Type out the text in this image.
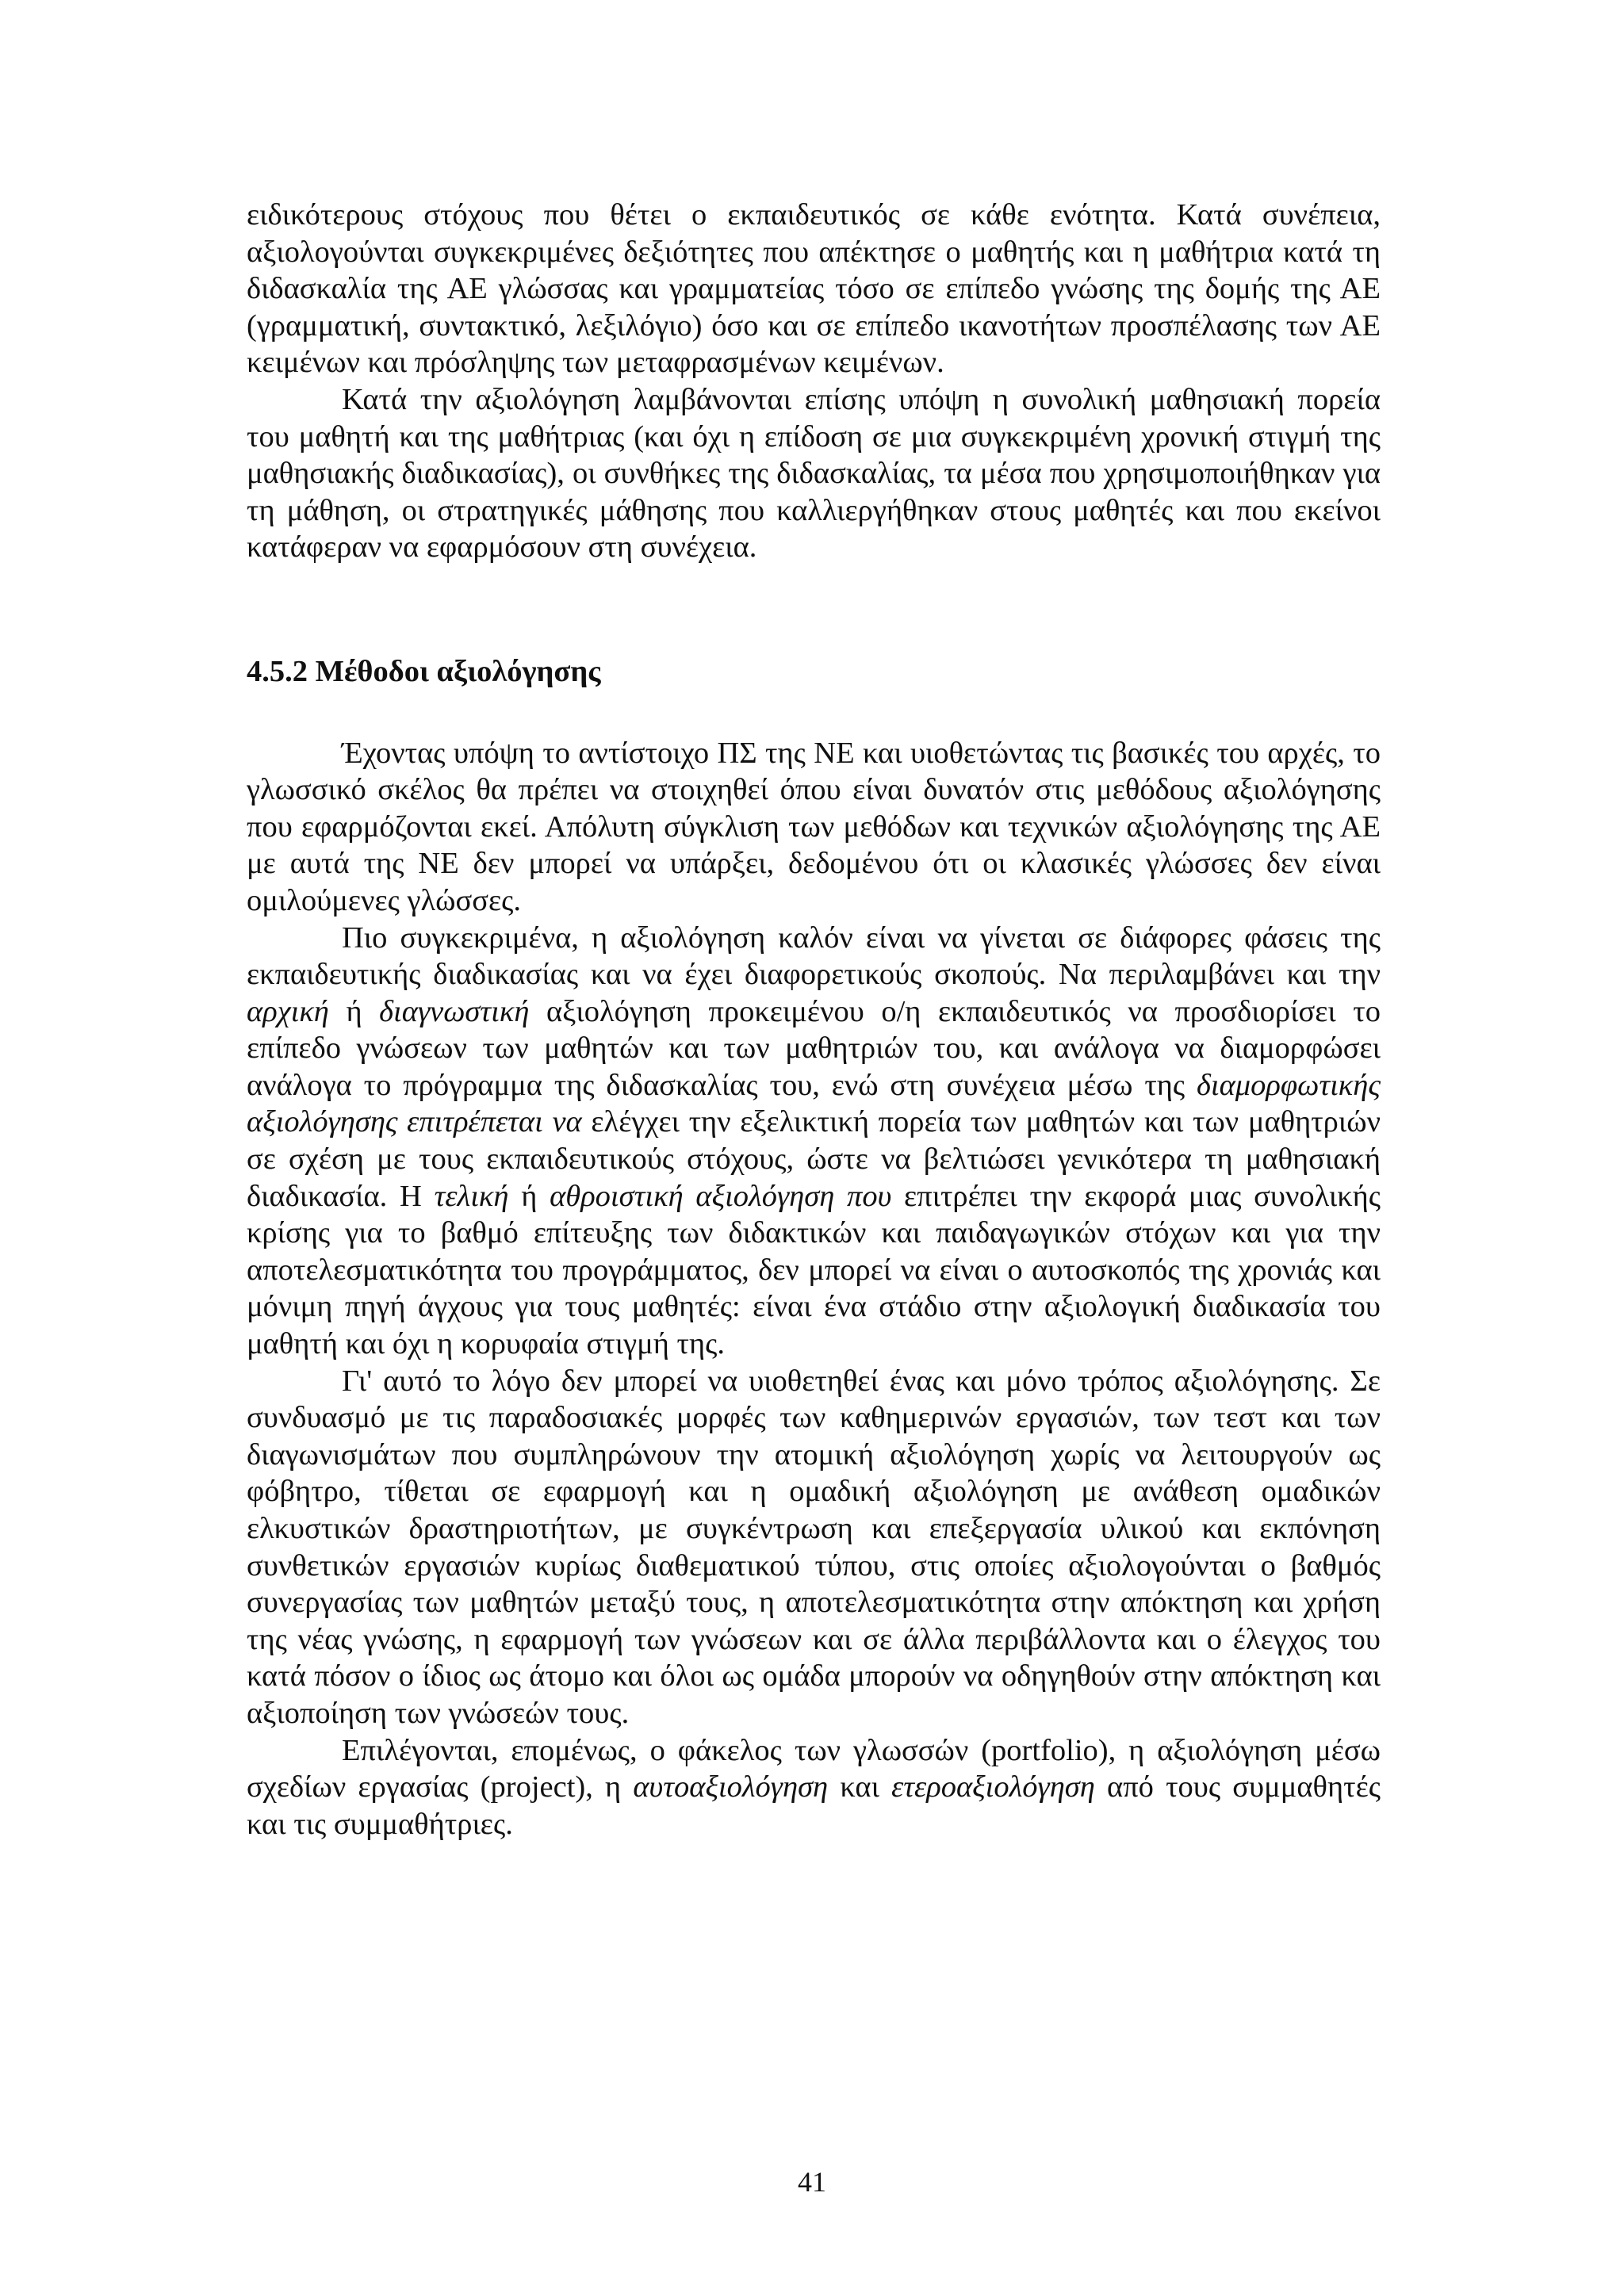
ειδικότερους στόχους που θέτει ο εκπαιδευτικός σε κάθε ενότητα. Κατά συνέπεια, αξιολογούνται συγκεκριμένες δεξιότητες που απέκτησε ο μαθητής και η μαθήτρια κατά τη διδασκαλία της ΑΕ γλώσσας και γραμματείας τόσο σε επίπεδο γνώσης της δομής της ΑΕ (γραμματική, συντακτικό, λεξιλόγιο) όσο και σε επίπεδο ικανοτήτων προσπέλασης των ΑΕ κειμένων και πρόσληψης των μεταφρασμένων κειμένων.

Κατά την αξιολόγηση λαμβάνονται επίσης υπόψη η συνολική μαθησιακή πορεία του μαθητή και της μαθήτριας (και όχι η επίδοση σε μια συγκεκριμένη χρονική στιγμή της μαθησιακής διαδικασίας), οι συνθήκες της διδασκαλίας, τα μέσα που χρησιμοποιήθηκαν για τη μάθηση, οι στρατηγικές μάθησης που καλλιεργήθηκαν στους μαθητές και που εκείνοι κατάφεραν να εφαρμόσουν στη συνέχεια.

4.5.2 Μέθοδοι αξιολόγησης

Έχοντας υπόψη το αντίστοιχο ΠΣ της ΝΕ και υιοθετώντας τις βασικές του αρχές, το γλωσσικό σκέλος θα πρέπει να στοιχηθεί όπου είναι δυνατόν στις μεθόδους αξιολόγησης που εφαρμόζονται εκεί. Απόλυτη σύγκλιση των μεθόδων και τεχνικών αξιολόγησης της ΑΕ με αυτά της ΝΕ δεν μπορεί να υπάρξει, δεδομένου ότι οι κλασικές γλώσσες δεν είναι ομιλούμενες γλώσσες.

Πιο συγκεκριμένα, η αξιολόγηση καλόν είναι να γίνεται σε διάφορες φάσεις της εκπαιδευτικής διαδικασίας και να έχει διαφορετικούς σκοπούς. Να περιλαμβάνει και την αρχική ή διαγνωστική αξιολόγηση προκειμένου ο/η εκπαιδευτικός να προσδιορίσει το επίπεδο γνώσεων των μαθητών και των μαθητριών του, και ανάλογα να διαμορφώσει ανάλογα το πρόγραμμα της διδασκαλίας του, ενώ στη συνέχεια μέσω της διαμορφωτικής αξιολόγησης επιτρέπεται να ελέγχει την εξελικτική πορεία των μαθητών και των μαθητριών σε σχέση με τους εκπαιδευτικούς στόχους, ώστε να βελτιώσει γενικότερα τη μαθησιακή διαδικασία. Η τελική ή αθροιστική αξιολόγηση που επιτρέπει την εκφορά μιας συνολικής κρίσης για το βαθμό επίτευξης των διδακτικών και παιδαγωγικών στόχων και για την αποτελεσματικότητα του προγράμματος, δεν μπορεί να είναι ο αυτοσκοπός της χρονιάς και μόνιμη πηγή άγχους για τους μαθητές: είναι ένα στάδιο στην αξιολογική διαδικασία του μαθητή και όχι η κορυφαία στιγμή της.

Γι' αυτό το λόγο δεν μπορεί να υιοθετηθεί ένας και μόνο τρόπος αξιολόγησης. Σε συνδυασμό με τις παραδοσιακές μορφές των καθημερινών εργασιών, των τεστ και των διαγωνισμάτων που συμπληρώνουν την ατομική αξιολόγηση χωρίς να λειτουργούν ως φόβητρο, τίθεται σε εφαρμογή και η ομαδική αξιολόγηση με ανάθεση ομαδικών ελκυστικών δραστηριοτήτων, με συγκέντρωση και επεξεργασία υλικού και εκπόνηση συνθετικών εργασιών κυρίως διαθεματικού τύπου, στις οποίες αξιολογούνται ο βαθμός συνεργασίας των μαθητών μεταξύ τους, η αποτελεσματικότητα στην απόκτηση και χρήση της νέας γνώσης, η εφαρμογή των γνώσεων και σε άλλα περιβάλλοντα και ο έλεγχος του κατά πόσον ο ίδιος ως άτομο και όλοι ως ομάδα μπορούν να οδηγηθούν στην απόκτηση και αξιοποίηση των γνώσεών τους.

Επιλέγονται, επομένως, ο φάκελος των γλωσσών (portfolio), η αξιολόγηση μέσω σχεδίων εργασίας (project), η αυτοαξιολόγηση και ετεροαξιολόγηση από τους συμμαθητές και τις συμμαθήτριες.

41
